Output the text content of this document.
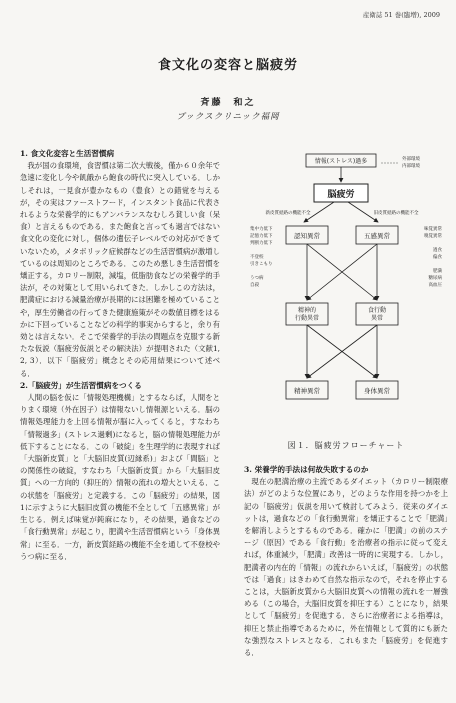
産衛誌 51 巻(臨増), 2009
食文化の変容と脳疲労
斉藤　和之
ブックスクリニック福岡
1. 食文化変容と生活習慣病

我が国の食環境，食習慣は第二次大戦後，僅か６０余年で急速に変化し今や飢餓から飽食の時代に突入している．しかしそれは，一見食が豊かなもの（豊食）との錯覚を与えるが，その実はファーストフード，インスタント食品に代表されるような栄養学的にもアンバランスなむしろ貧しい食（呆食）と言えるものである．また飽食と言っても過言ではない食文化の変化に対し，個体の遺伝子レベルでの対応ができていないため，メタボリック症候群などの生活習慣病が激増しているのは周知のところである．このため悪しき生活習慣を矯正する，カロリー制限，減塩，低脂肪食などの栄養学的手法が，その対策として用いられてきた．しかしこの方法は，肥満症における減量治療が長期的には困難を極めていることや，厚生労働省の行ってきた健康施策がその数値目標をはるかに下回っていることなどの科学的事実からすると，余り有効とは言えない．そこで栄養学的手法の問題点を克服する新たな仮説（脳疲労仮説とその解決法）が提唱された（文献1, 2, 3）．以下「脳疲労」概念とその応用結果について述べる．

2.「脳疲労」が生活習慣病をつくる

人間の脳を仮に「情報処理機構」とするならば，人間をとりまく環境（外在因子）は情報ないし情報源といえる．脳の情報処理能力を上回る情報が脳に入ってくると，すなわち「情報過多」(ストレス過剰)になると，脳の情報処理能力が低下することになる．この「破綻」を生理学的に表現すれば「大脳新皮質」と「大脳旧皮質(辺縁系)」および「間脳」との関係性の破綻，すなわち「大脳新皮質」から「大脳旧皮質」への一方向的（抑圧的）情報の流れの増大といえる．この状態を「脳疲労」と定義する．この「脳疲労」の結果，図1に示すように大脳旧皮質の機能不全として「五感異常」が生じる．例えば味覚が鈍麻になり，その結果，過食などの「食行動異常」が起こり，肥満や生活習慣病という「身体異常」に至る．一方，新皮質経路の機能不全を通して不登校やうつ病に至る．

情報(ストレス)過多	外部環境
内部環境
脳疲労
新皮質経路の機能不全	旧皮質経路の機能不全
認知異常	五感異常
精神的行動異常
食行動異常
精神異常	身体異常
集中力低下
記憶力低下
判断力低下
不登校
引きこもり
うつ病
自殺
味覚異常
嗅覚異常
過食
偏食
肥満
糖尿病
高血圧
図１．脳疲労フローチャート
3. 栄養学的手法は何故失敗するのか

現在の肥満治療の主流であるダイエット（カロリー制限療法）がどのような位置にあり，どのような作用を持つかを上記の「脳疲労」仮説を用いて検討してみよう．従来のダイエットは，過食などの「食行動異常」を矯正することで「肥満」を解消しようとするものである．確かに「肥満」の前のステージ（原因）である「食行動」を治療者の指示に従って変えれば，体重減少，「肥満」改善は一時的に実現する．しかし，肥満者の内在的「情報」の流れからいえば，「脳疲労」の状態では「過食」はきわめて自然な指示なので，それを停止することは，大脳新皮質から大脳旧皮質への情報の流れを一層強める（この場合，大脳旧皮質を抑圧する）ことになり，結果として「脳疲労」を促進する．さらに治療者による指導は，抑圧と禁止指導であるために，外在情報として質的にも新たな強烈なストレスとなる．これもまた「脳疲労」を促進する．
